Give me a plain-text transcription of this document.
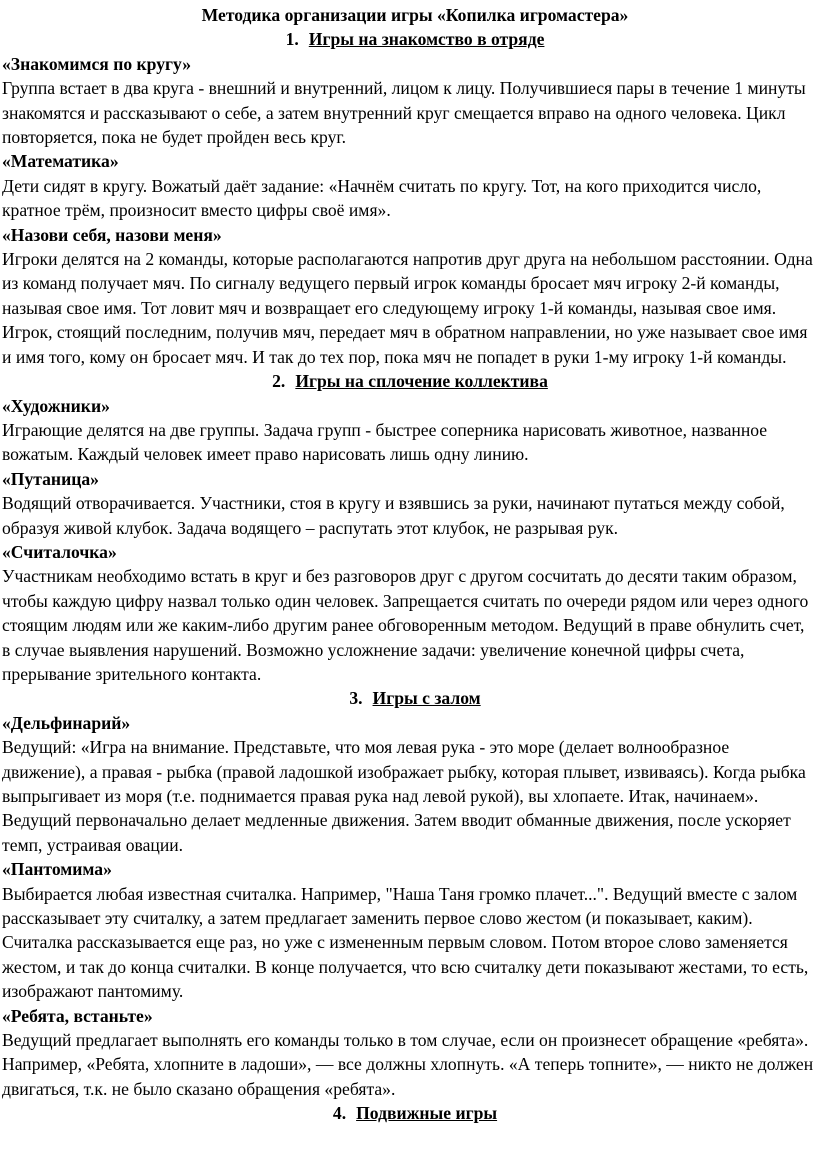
Методика организации игры «Копилка игромастера»

1. Игры на знакомство в отряде

«Знакомимся по кругу»

Группа встает в два круга - внешний и внутренний, лицом к лицу. Получившиеся пары в течение 1 минуты знакомятся и рассказывают о себе, а затем внутренний круг смещается вправо на одного человека. Цикл повторяется, пока не будет пройден весь круг.

«Математика»

Дети сидят в кругу. Вожатый даёт задание: «Начнём считать по кругу. Тот, на кого приходится число, кратное трём, произносит вместо цифры своё имя».

«Назови себя, назови меня»

Игроки делятся на 2 команды, которые располагаются напротив друг друга на небольшом расстоянии. Одна из команд получает мяч. По сигналу ведущего первый игрок команды бросает мяч игроку 2-й команды, называя свое имя. Тот ловит мяч и возвращает его следующему игроку 1-й команды, называя свое имя. Игрок, стоящий последним, получив мяч, передает мяч в обратном направлении, но уже называет свое имя и имя того, кому он бросает мяч. И так до тех пор, пока мяч не попадет в руки 1-му игроку 1-й команды.

2. Игры на сплочение коллектива

«Художники»

Играющие делятся на две группы. Задача групп - быстрее соперника нарисовать животное, названное вожатым. Каждый человек имеет право нарисовать лишь одну линию.

«Путаница»

Водящий отворачивается. Участники, стоя в кругу и взявшись за руки, начинают путаться между собой, образуя живой клубок. Задача водящего – распутать этот клубок, не разрывая рук.

«Считалочка»

Участникам необходимо встать в круг и без разговоров друг с другом сосчитать до десяти таким образом, чтобы каждую цифру назвал только один человек. Запрещается считать по очереди рядом или через одного стоящим людям или же каким-либо другим ранее обговоренным методом. Ведущий в праве обнулить счет, в случае выявления нарушений. Возможно усложнение задачи: увеличение конечной цифры счета, прерывание зрительного контакта.

3. Игры с залом

«Дельфинарий»

Ведущий: «Игра на внимание. Представьте, что моя левая рука - это море (делает волнообразное движение), а правая - рыбка (правой ладошкой изображает рыбку, которая плывет, извиваясь). Когда рыбка выпрыгивает из моря (т.е. поднимается правая рука над левой рукой), вы хлопаете. Итак, начинаем». Ведущий первоначально делает медленные движения. Затем вводит обманные движения, после ускоряет темп, устраивая овации.

«Пантомима»

Выбирается любая известная считалка. Например, "Наша Таня громко плачет...". Ведущий вместе с залом рассказывает эту считалку, а затем предлагает заменить первое слово жестом (и показывает, каким). Считалка рассказывается еще раз, но уже с измененным первым словом. Потом второе слово заменяется жестом, и так до конца считалки. В конце получается, что всю считалку дети показывают жестами, то есть, изображают пантомиму.

«Ребята, встаньте»

Ведущий предлагает выполнять его команды только в том случае, если он произнесет обращение «ребята». Например, «Ребята, хлопните в ладоши», — все должны хлопнуть. «А теперь топните», — никто не должен двигаться, т.к. не было сказано обращения «ребята».

4. Подвижные игры
